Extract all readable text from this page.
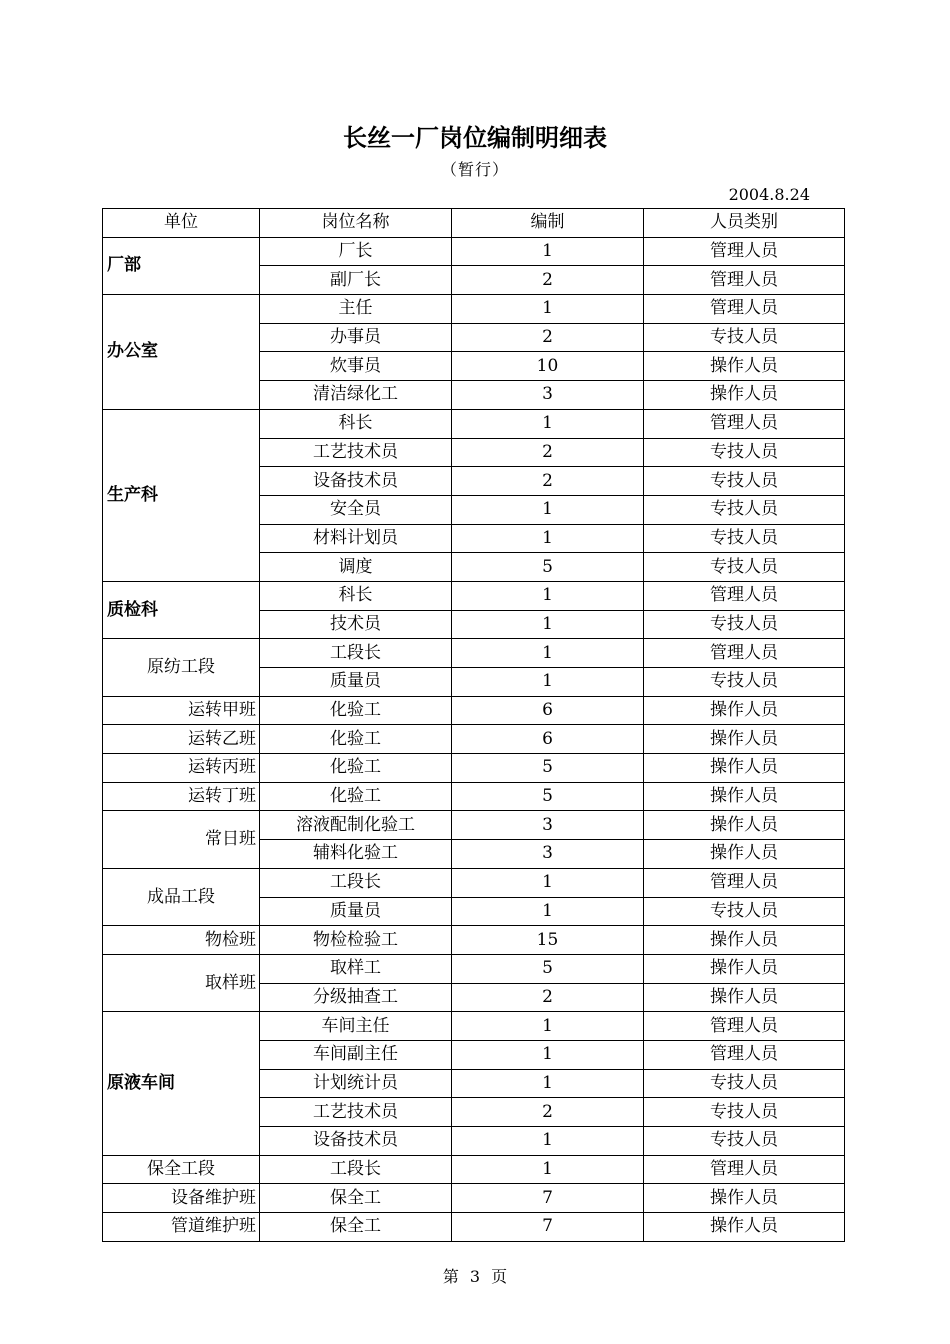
长丝一厂岗位编制明细表
（暂行）
2004.8.24
单位	岗位名称	编制	人员类别
厂部	厂长	1	管理人员
	副厂长	2	管理人员
办公室	主任	1	管理人员
	办事员	2	专技人员
	炊事员	10	操作人员
	清洁绿化工	3	操作人员
生产科	科长	1	管理人员
	工艺技术员	2	专技人员
	设备技术员	2	专技人员
	安全员	1	专技人员
	材料计划员	1	专技人员
	调度	5	专技人员
质检科	科长	1	管理人员
	技术员	1	专技人员
原纺工段	工段长	1	管理人员
	质量员	1	专技人员
运转甲班	化验工	6	操作人员
运转乙班	化验工	6	操作人员
运转丙班	化验工	5	操作人员
运转丁班	化验工	5	操作人员
常日班	溶液配制化验工	3	操作人员
	辅料化验工	3	操作人员
成品工段	工段长	1	管理人员
	质量员	1	专技人员
物检班	物检检验工	15	操作人员
取样班	取样工	5	操作人员
	分级抽查工	2	操作人员
原液车间	车间主任	1	管理人员
	车间副主任	1	管理人员
	计划统计员	1	专技人员
	工艺技术员	2	专技人员
	设备技术员	1	专技人员
保全工段	工段长	1	管理人员
设备维护班	保全工	7	操作人员
管道维护班	保全工	7	操作人员
第 3 页
